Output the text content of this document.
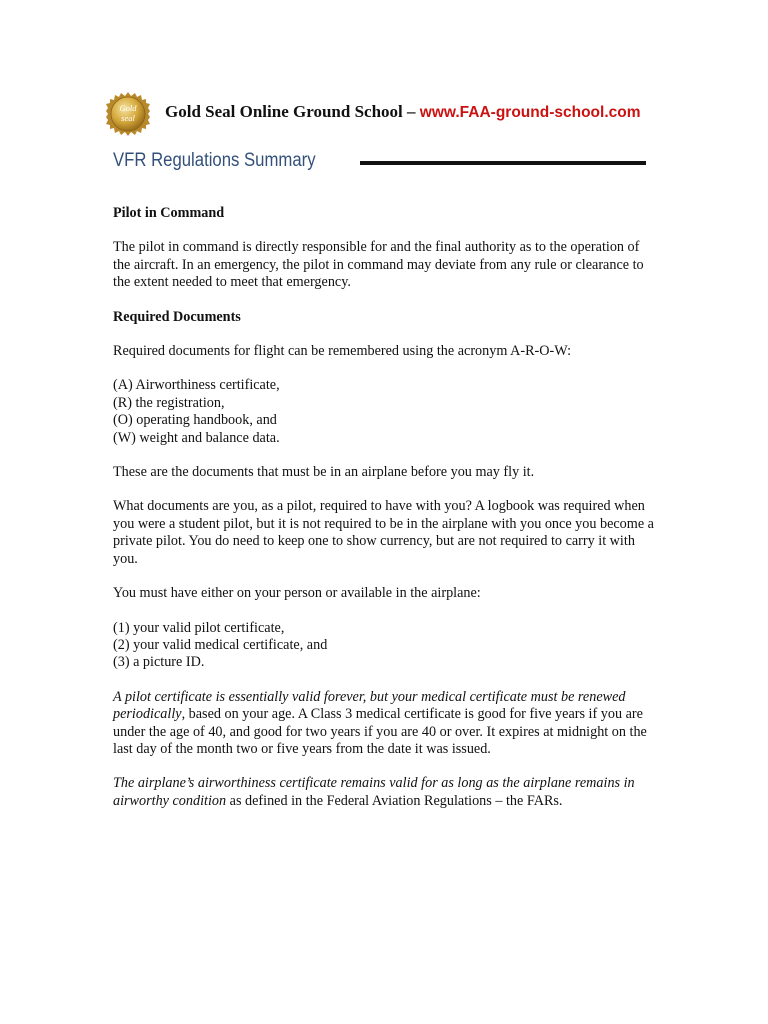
Gold
seal Gold Seal Online Ground School – www.FAA-ground-school.com
VFR Regulations Summary
Pilot in Command

The pilot in command is directly responsible for and the final authority as to the operation of the aircraft. In an emergency, the pilot in command may deviate from any rule or clearance to the extent needed to meet that emergency.

Required Documents

Required documents for flight can be remembered using the acronym A-R-O-W:

(A) Airworthiness certificate,
(R) the registration,
(O) operating handbook, and
(W) weight and balance data.

These are the documents that must be in an airplane before you may fly it.

What documents are you, as a pilot, required to have with you? A logbook was required when you were a student pilot, but it is not required to be in the airplane with you once you become a private pilot. You do need to keep one to show currency, but are not required to carry it with you.

You must have either on your person or available in the airplane:

(1) your valid pilot certificate,
(2) your valid medical certificate, and
(3) a picture ID.

A pilot certificate is essentially valid forever, but your medical certificate must be renewed periodically, based on your age. A Class 3 medical certificate is good for five years if you are under the age of 40, and good for two years if you are 40 or over. It expires at midnight on the last day of the month two or five years from the date it was issued.

The airplane’s airworthiness certificate remains valid for as long as the airplane remains in airworthy condition as defined in the Federal Aviation Regulations – the FARs.
